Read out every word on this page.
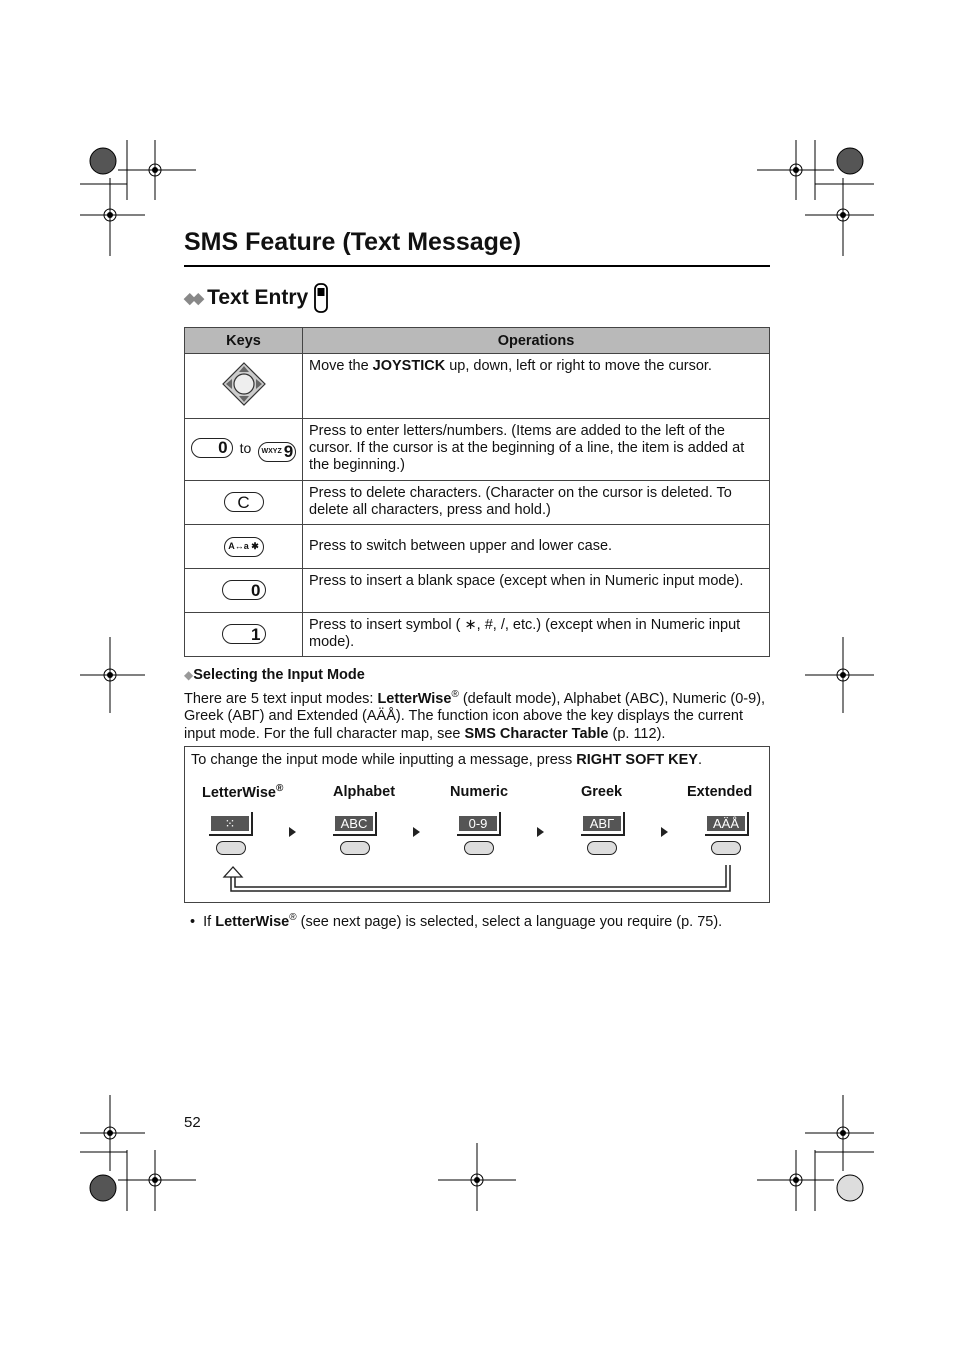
SMS Feature (Text Message)
◆◆ Text Entry
Keys	Operations
	Move the JOYSTICK up, down, left or right to move the cursor.
0 to WXYZ 9	Press to enter letters/numbers. (Items are added to the left of the cursor. If the cursor is at the beginning of a line, the item is added at the beginning.)
C	Press to delete characters. (Character on the cursor is deleted. To delete all characters, press and hold.)
A↔a ✱	Press to switch between upper and lower case.
0	Press to insert a blank space (except when in Numeric input mode).
1	Press to insert symbol ( ∗, #, /, etc.) (except when in Numeric input mode).
◆Selecting the Input Mode
There are 5 text input modes: LetterWise® (default mode), Alphabet (ABC), Numeric (0-9), Greek (ΑΒΓ) and Extended (AÄÅ). The function icon above the key displays the current input mode. For the full character map, see SMS Character Table (p. 112).
To change the input mode while inputting a message, press RIGHT SOFT KEY.
LetterWise®	Alphabet	Numeric	Greek	Extended
⁙	ABC	0-9	ΑΒΓ	AÄÅ
• If LetterWise® (see next page) is selected, select a language you require (p. 75).
52
